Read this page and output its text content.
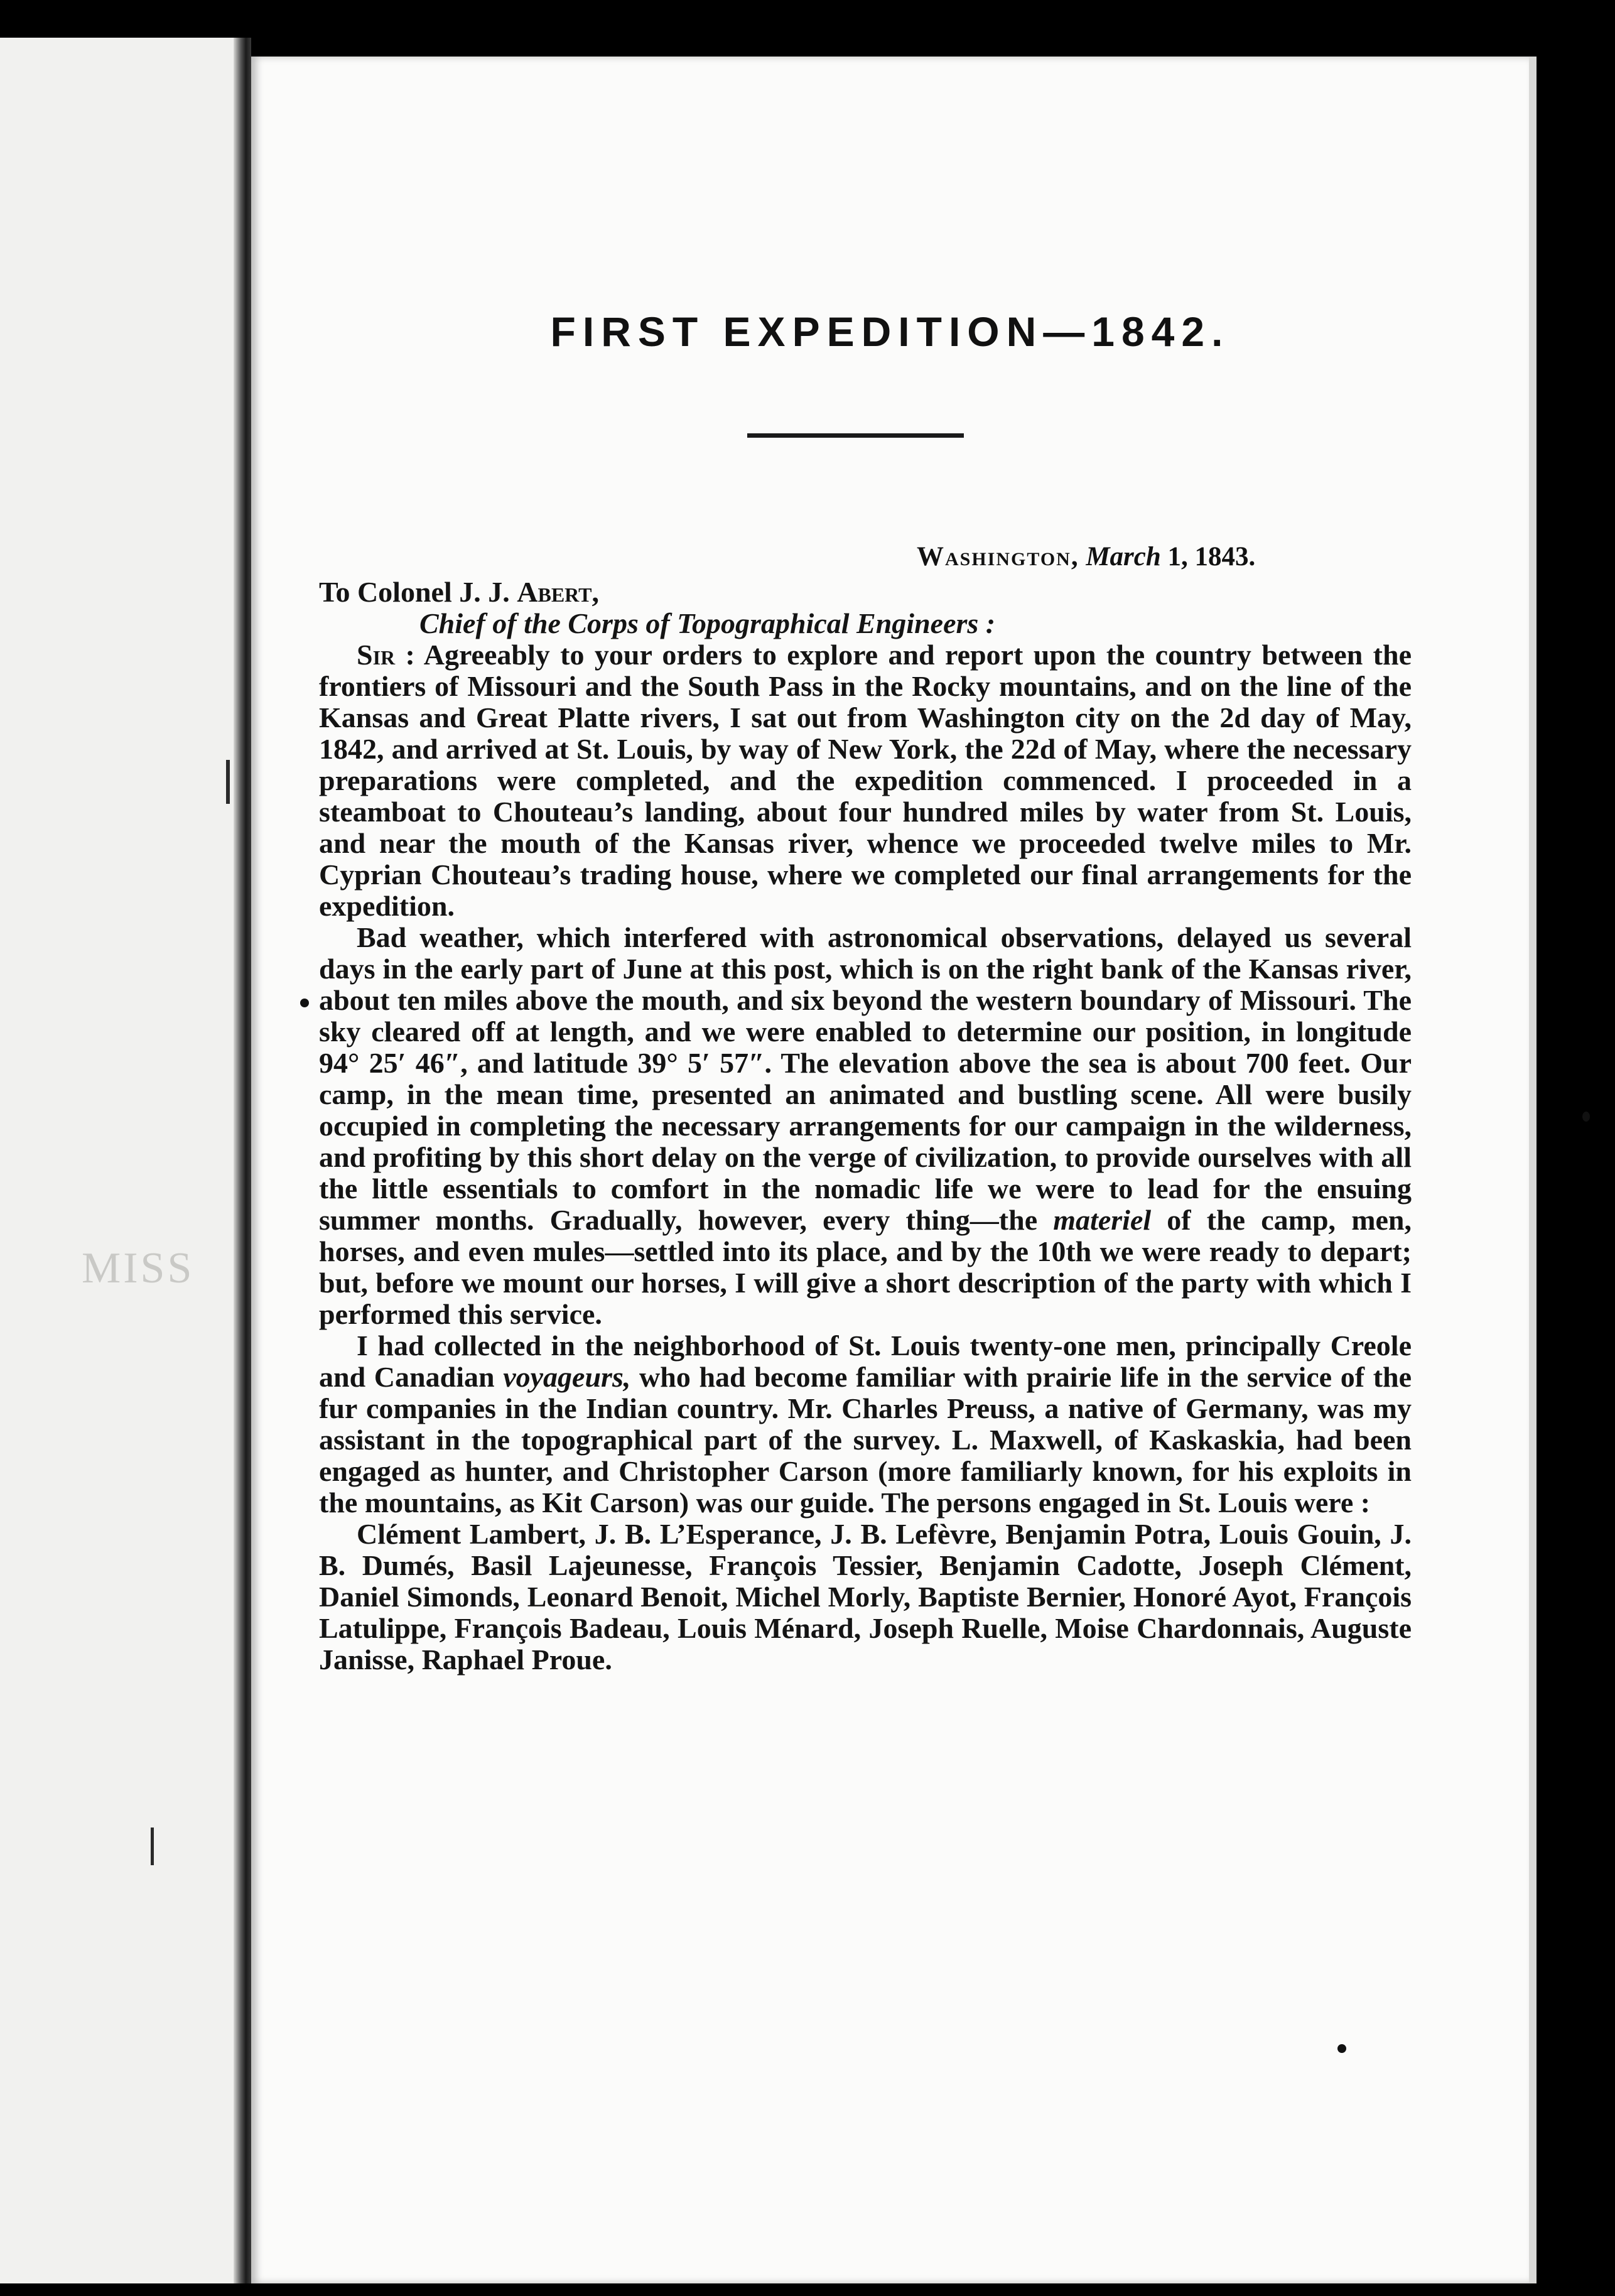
MISS
FIRST EXPEDITION—1842.
Washington, March 1, 1843.

To Colonel J. J. Abert,

Chief of the Corps of Topographical Engineers :

Sir : Agreeably to your orders to explore and report upon the country between the frontiers of Missouri and the South Pass in the Rocky mountains, and on the line of the Kansas and Great Platte rivers, I sat out from Washington city on the 2d day of May, 1842, and arrived at St. Louis, by way of New York, the 22d of May, where the necessary preparations were completed, and the expedition commenced. I proceeded in a steamboat to Chouteau’s landing, about four hundred miles by water from St. Louis, and near the mouth of the Kansas river, whence we proceeded twelve miles to Mr. Cyprian Chouteau’s trading house, where we completed our final arrangements for the expedition.

Bad weather, which interfered with astronomical observations, delayed us several days in the early part of June at this post, which is on the right bank of the Kansas river, about ten miles above the mouth, and six beyond the western boundary of Missouri. The sky cleared off at length, and we were enabled to determine our position, in longitude 94° 25′ 46″, and latitude 39° 5′ 57″. The elevation above the sea is about 700 feet. Our camp, in the mean time, presented an animated and bustling scene. All were busily occupied in completing the necessary arrangements for our campaign in the wilderness, and profiting by this short delay on the verge of civilization, to provide ourselves with all the little essentials to comfort in the nomadic life we were to lead for the ensuing summer months. Gradually, however, every thing—the materiel of the camp, men, horses, and even mules—settled into its place, and by the 10th we were ready to depart; but, before we mount our horses, I will give a short description of the party with which I performed this service.

I had collected in the neighborhood of St. Louis twenty-one men, principally Creole and Canadian voyageurs, who had become familiar with prairie life in the service of the fur companies in the Indian country. Mr. Charles Preuss, a native of Germany, was my assistant in the topographical part of the survey. L. Maxwell, of Kaskaskia, had been engaged as hunter, and Christopher Carson (more familiarly known, for his exploits in the mountains, as Kit Carson) was our guide. The persons engaged in St. Louis were :

Clément Lambert, J. B. L’Esperance, J. B. Lefèvre, Benjamin Potra, Louis Gouin, J. B. Dumés, Basil Lajeunesse, François Tessier, Benjamin Cadotte, Joseph Clément, Daniel Simonds, Leonard Benoit, Michel Morly, Baptiste Bernier, Honoré Ayot, François Latulippe, François Badeau, Louis Ménard, Joseph Ruelle, Moise Chardonnais, Auguste Janisse, Raphael Proue.
